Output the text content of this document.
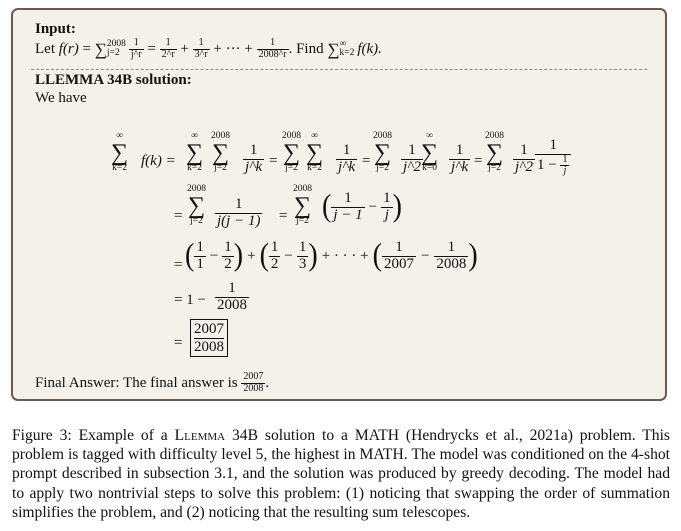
Input:
Let
f(r)
=
∑ 2008
$j=2 \frac{1}{j\^{}r}$
=
$\frac{1}{2\^{}r}$
+
$\frac{1}{3\^{}r}$
+ ··· +
$\frac{1}{2008\^{}r}$ . Find
∑ ∞
k=2 f(k).
LLEMMA 34B solution:
We have
∞
∑
k=2 f(k) =
∞
∑
k=2
2008
∑
$j=2 \frac{1}{j\^{}k}$ =
2008
∑
j=2
∞
∑
$k=2 \frac{1}{j\^{}k}$ =
2008
∑
$j=2 \frac{1}{j\^{}2}$
∞
∑
$k=0 \frac{1}{j\^{}k}$ =
2008
∑
$j=2 \frac{1}{j\^{}2} 1$
1 −
$\frac{1}{j}$
=
2008
∑
$j=2 \frac{1}{j(j - 1)}$ =
2008
∑
j=2 ( $\frac{1}{j - 1} - \frac{1}{j}$ )
= ( $\frac{1}{1} - \frac{1}{2}$ ) + ( $\frac{1}{2} - \frac{1}{3}$ ) + · · · + ( $\frac{1}{2007} - \frac{1}{2008}$ )
= $1 - \frac{1}{2008}$
= $\frac{2007}{2008}$
Final Answer: The final answer is
$\frac{2007}{2008}$ .
Figure 3: Example of a Llemma 34B solution to a MATH (Hendrycks et al., 2021a) problem. This problem is tagged with difficulty level 5, the highest in MATH. The model was conditioned on the 4-shot prompt described in subsection 3.1, and the solution was produced by greedy decoding. The model had to apply two nontrivial steps to solve this problem: (1) noticing that swapping the order of summation simplifies the problem, and (2) noticing that the resulting sum telescopes.
